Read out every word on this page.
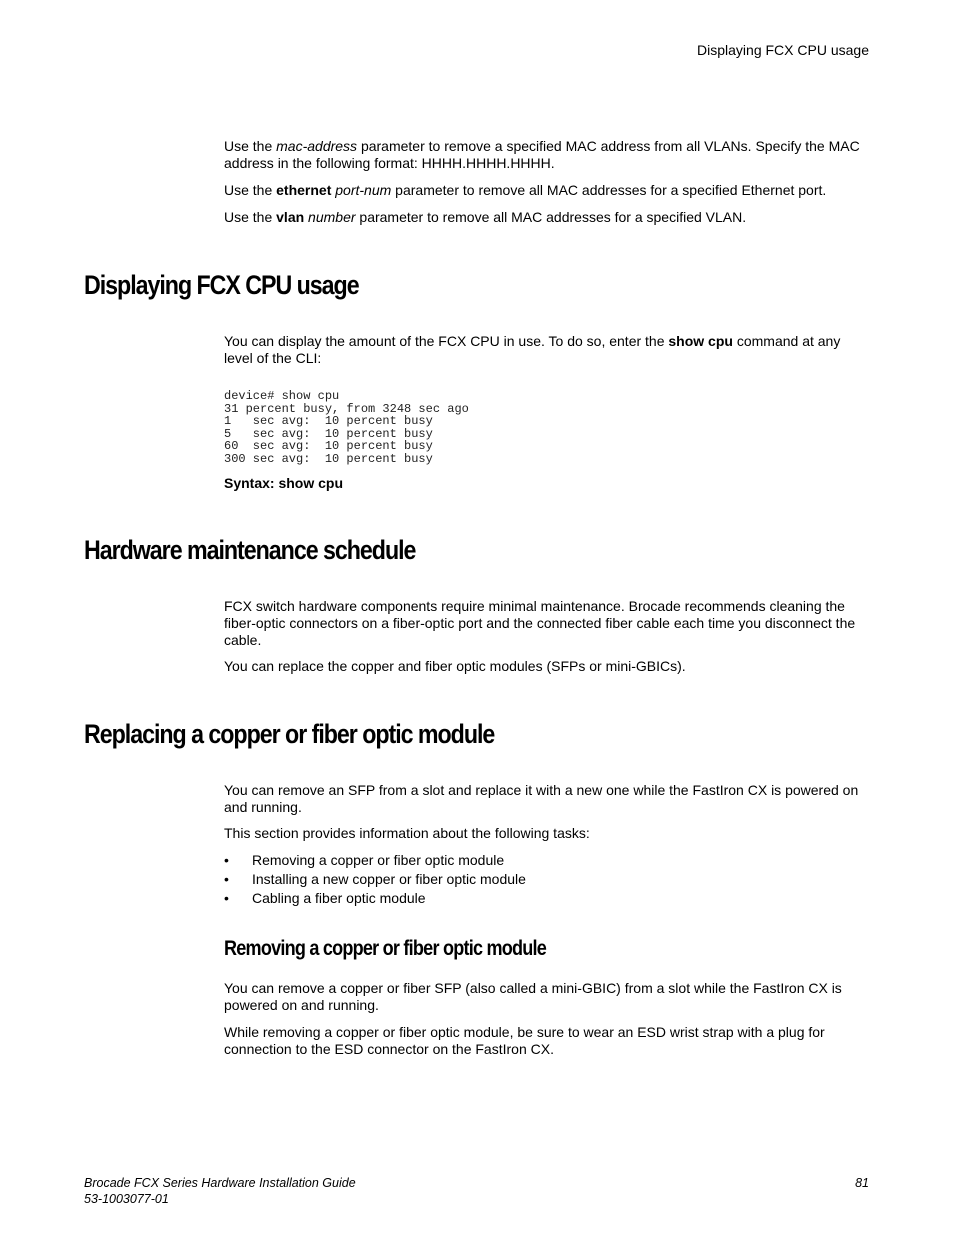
Displaying FCX CPU usage

Use the mac-address parameter to remove a specified MAC address from all VLANs. Specify the MAC address in the following format: HHHH.HHHH.HHHH.

Use the ethernet port-num parameter to remove all MAC addresses for a specified Ethernet port.

Use the vlan number parameter to remove all MAC addresses for a specified VLAN.

Displaying FCX CPU usage

You can display the amount of the FCX CPU in use. To do so, enter the show cpu command at any level of the CLI:

device# show cpu
31 percent busy, from 3248 sec ago
1   sec avg:  10 percent busy
5   sec avg:  10 percent busy
60  sec avg:  10 percent busy
300 sec avg:  10 percent busy

Syntax: show cpu

Hardware maintenance schedule

FCX switch hardware components require minimal maintenance. Brocade recommends cleaning the fiber-optic connectors on a fiber-optic port and the connected fiber cable each time you disconnect the cable.

You can replace the copper and fiber optic modules (SFPs or mini-GBICs).

Replacing a copper or fiber optic module

You can remove an SFP from a slot and replace it with a new one while the FastIron CX is powered on and running.

This section provides information about the following tasks:

• Removing a copper or fiber optic module
• Installing a new copper or fiber optic module
• Cabling a fiber optic module
Removing a copper or fiber optic module

You can remove a copper or fiber SFP (also called a mini-GBIC) from a slot while the FastIron CX is powered on and running.

While removing a copper or fiber optic module, be sure to wear an ESD wrist strap with a plug for connection to the ESD connector on the FastIron CX.

Brocade FCX Series Hardware Installation Guide
53-1003077-01
81
